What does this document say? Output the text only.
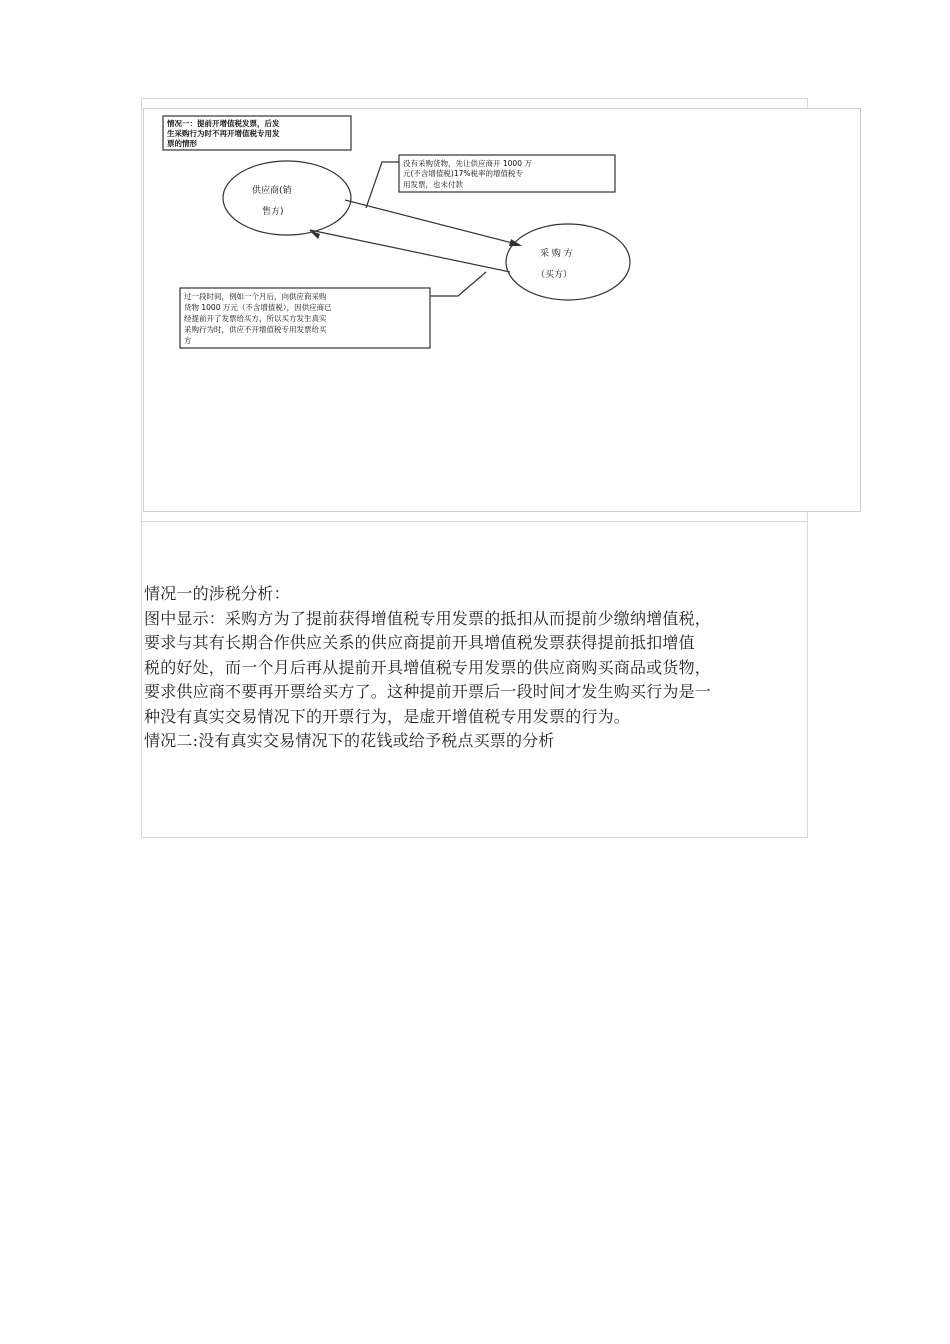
情况一：提前开增值税发票，后发 生采购行为时不再开增值税专用发 票的情形
供应商(销 售方)
采 购 方 （买方）
没有采购货物，先让供应商开 1000 万 元(不含增值税)17%税率的增值税专 用发票，也未付款
过一段时间，例如一个月后，向供应商采购 货物 1000 万元（不含增值税），因供应商已 经提前开了发票给买方，所以买方发生真实 采购行为时，供应不开增值税专用发票给买 方

情况一的涉税分析：

图中显示：采购方为了提前获得增值税专用发票的抵扣从而提前少缴纳增值税，

要求与其有长期合作供应关系的供应商提前开具增值税发票获得提前抵扣增值

税的好处，而一个月后再从提前开具增值税专用发票的供应商购买商品或货物，

要求供应商不要再开票给买方了。这种提前开票后一段时间才发生购买行为是一

种没有真实交易情况下的开票行为，是虚开增值税专用发票的行为。

情况二:没有真实交易情况下的花钱或给予税点买票的分析
